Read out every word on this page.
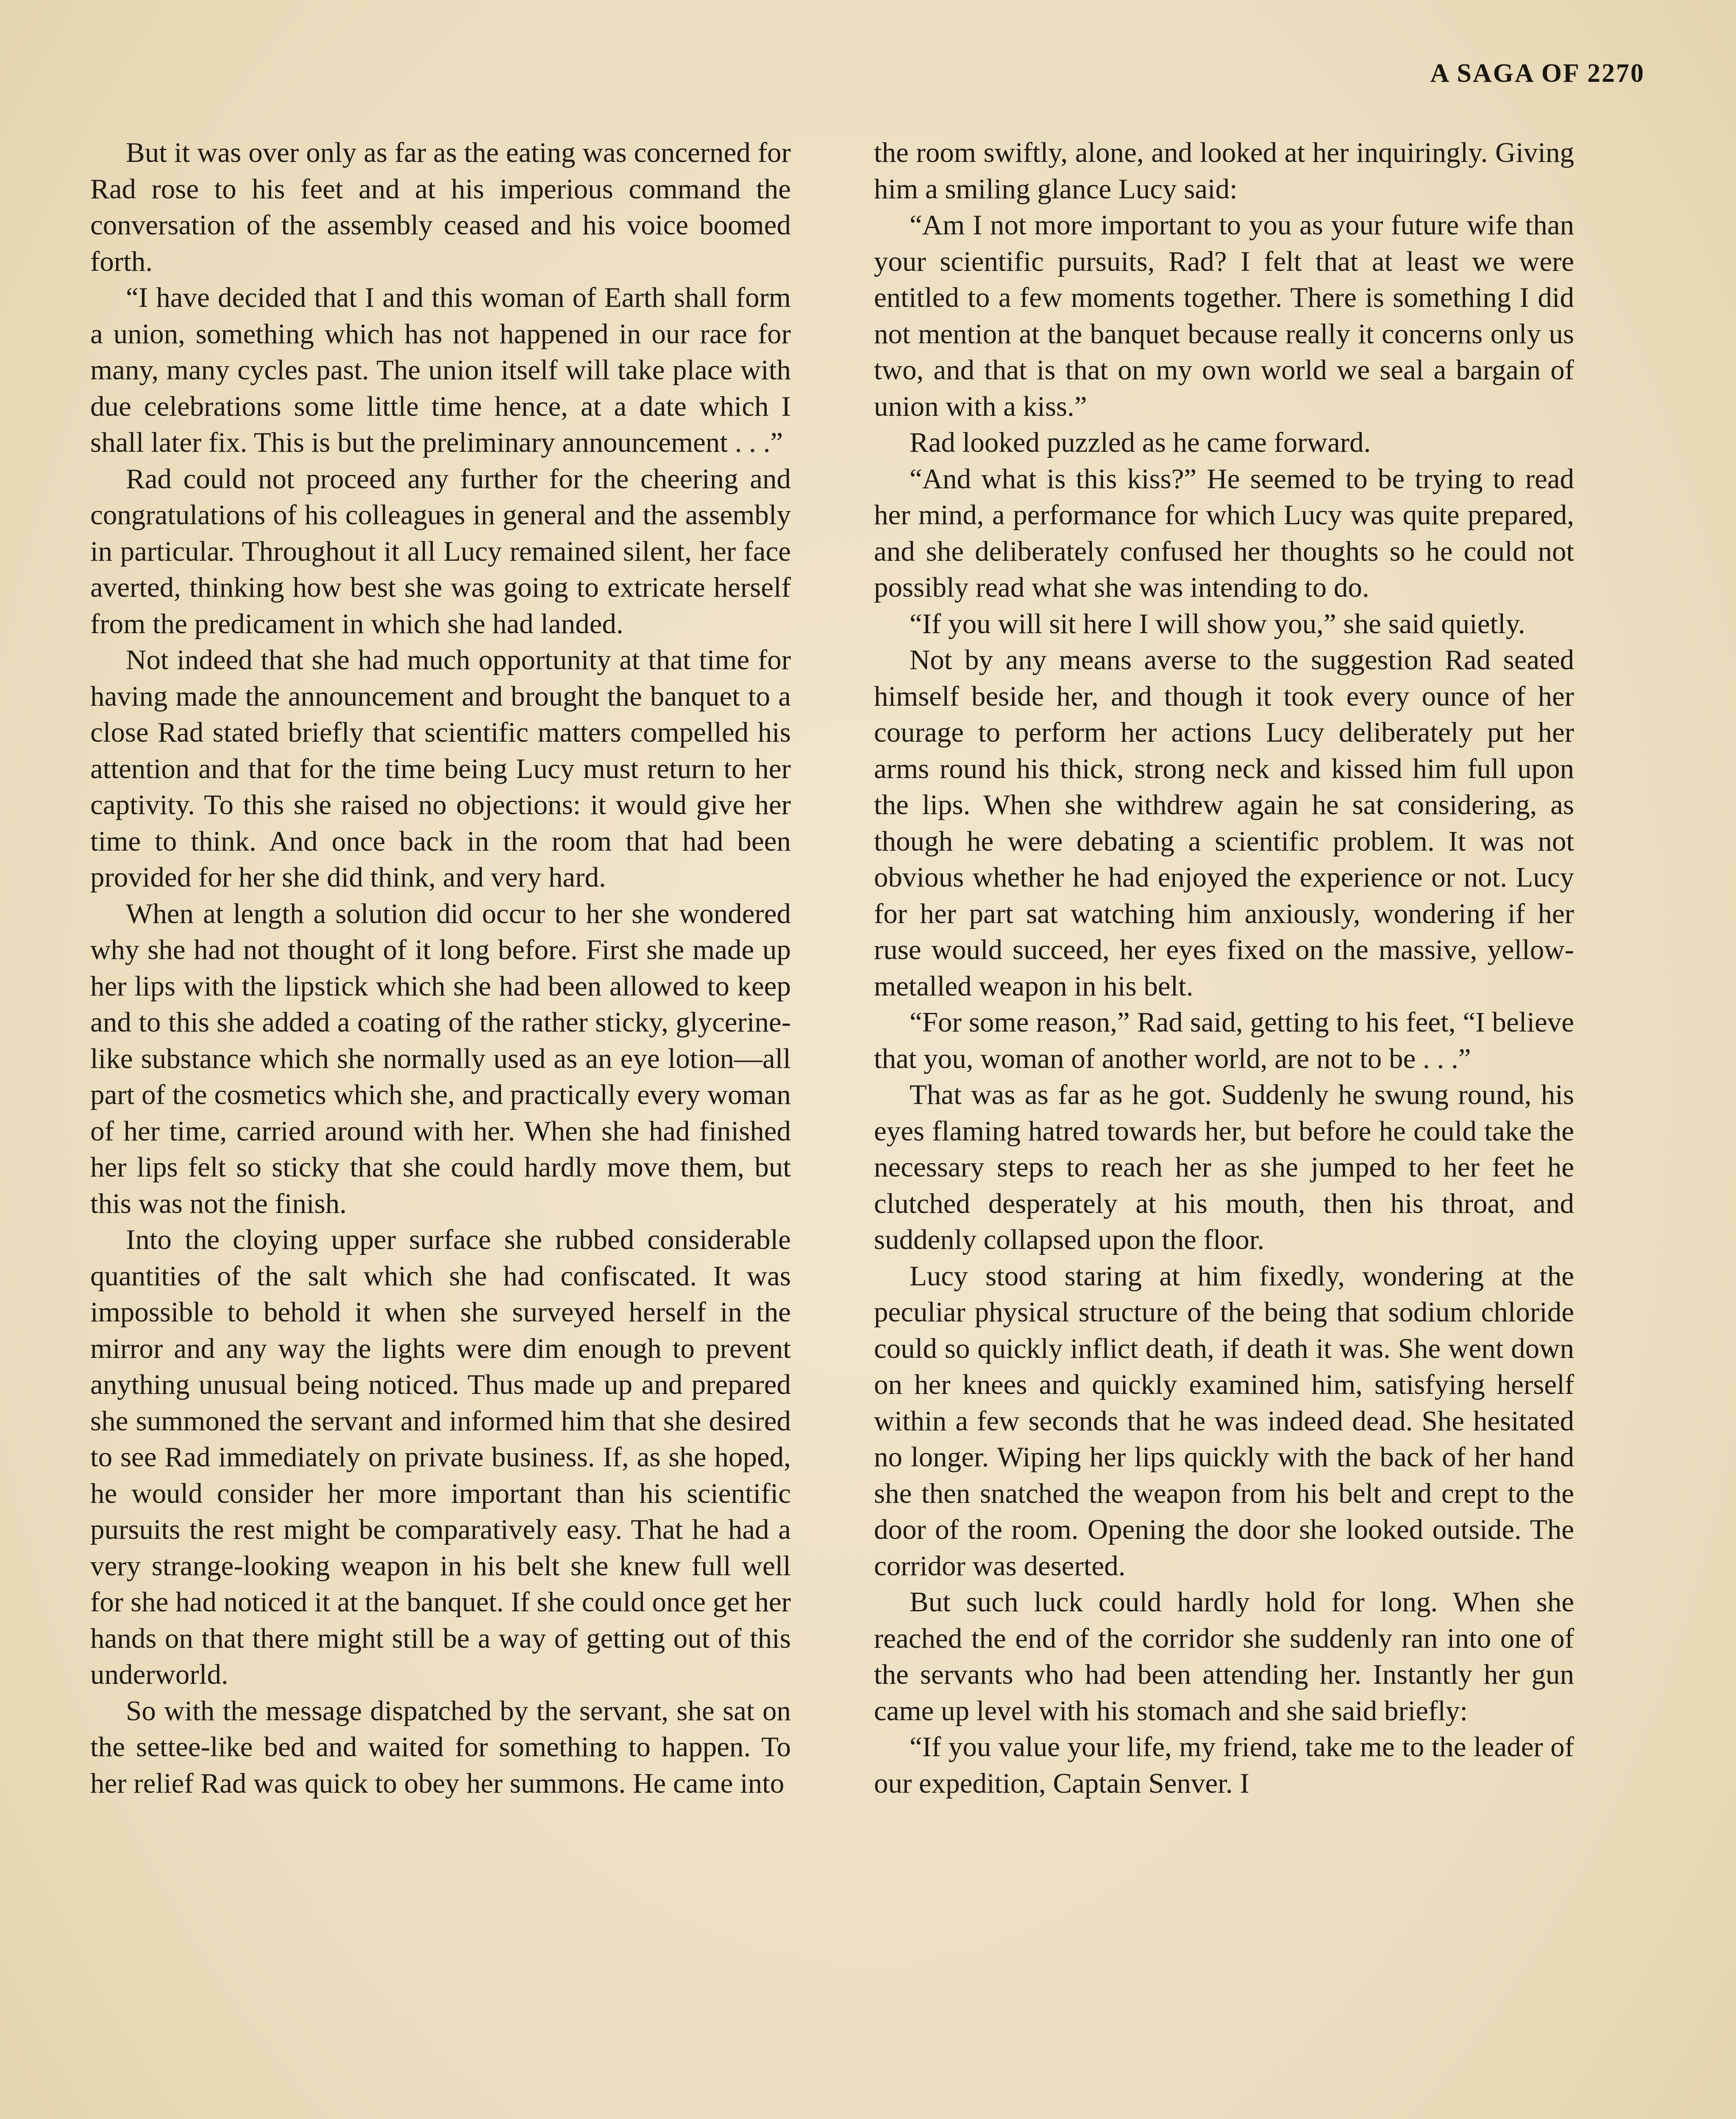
A SAGA OF 2270

But it was over only as far as the eating was concerned for Rad rose to his feet and at his imperious command the conversation of the assembly ceased and his voice boomed forth.

“I have decided that I and this woman of Earth shall form a union, something which has not happened in our race for many, many cycles past. The union itself will take place with due celebrations some little time hence, at a date which I shall later fix. This is but the preliminary announcement . . .”

Rad could not proceed any further for the cheering and congratulations of his colleagues in general and the assembly in particular. Throughout it all Lucy remained silent, her face averted, thinking how best she was going to extricate herself from the predicament in which she had landed.

Not indeed that she had much opportunity at that time for having made the announcement and brought the banquet to a close Rad stated briefly that scientific matters compelled his attention and that for the time being Lucy must return to her captivity. To this she raised no objections: it would give her time to think. And once back in the room that had been provided for her she did think, and very hard.

When at length a solution did occur to her she wondered why she had not thought of it long before. First she made up her lips with the lipstick which she had been allowed to keep and to this she added a coating of the rather sticky, glycerine-like substance which she normally used as an eye lotion—all part of the cosmetics which she, and practically every woman of her time, carried around with her. When she had finished her lips felt so sticky that she could hardly move them, but this was not the finish.

Into the cloying upper surface she rubbed considerable quantities of the salt which she had confiscated. It was impossible to behold it when she surveyed herself in the mirror and any way the lights were dim enough to prevent anything unusual being noticed. Thus made up and prepared she summoned the servant and informed him that she desired to see Rad immediately on private business. If, as she hoped, he would consider her more important than his scientific pursuits the rest might be comparatively easy. That he had a very strange-looking weapon in his belt she knew full well for she had noticed it at the banquet. If she could once get her hands on that there might still be a way of getting out of this underworld.

So with the message dispatched by the servant, she sat on the settee-like bed and waited for something to happen. To her relief Rad was quick to obey her summons. He came into

the room swiftly, alone, and looked at her inquiringly. Giving him a smiling glance Lucy said:

“Am I not more important to you as your future wife than your scientific pursuits, Rad? I felt that at least we were entitled to a few moments together. There is something I did not mention at the banquet because really it concerns only us two, and that is that on my own world we seal a bargain of union with a kiss.”

Rad looked puzzled as he came forward.

“And what is this kiss?” He seemed to be trying to read her mind, a performance for which Lucy was quite prepared, and she deliberately confused her thoughts so he could not possibly read what she was intending to do.

“If you will sit here I will show you,” she said quietly.

Not by any means averse to the suggestion Rad seated himself beside her, and though it took every ounce of her courage to perform her actions Lucy deliberately put her arms round his thick, strong neck and kissed him full upon the lips. When she withdrew again he sat considering, as though he were debating a scientific problem. It was not obvious whether he had enjoyed the experience or not. Lucy for her part sat watching him anxiously, wondering if her ruse would succeed, her eyes fixed on the massive, yellow-metalled weapon in his belt.

“For some reason,” Rad said, getting to his feet, “I believe that you, woman of another world, are not to be . . .”

That was as far as he got. Suddenly he swung round, his eyes flaming hatred towards her, but before he could take the necessary steps to reach her as she jumped to her feet he clutched desperately at his mouth, then his throat, and suddenly collapsed upon the floor.

Lucy stood staring at him fixedly, wondering at the peculiar physical structure of the being that sodium chloride could so quickly inflict death, if death it was. She went down on her knees and quickly examined him, satisfying herself within a few seconds that he was indeed dead. She hesitated no longer. Wiping her lips quickly with the back of her hand she then snatched the weapon from his belt and crept to the door of the room. Opening the door she looked outside. The corridor was deserted.

But such luck could hardly hold for long. When she reached the end of the corridor she suddenly ran into one of the servants who had been attending her. Instantly her gun came up level with his stomach and she said briefly:

“If you value your life, my friend, take me to the leader of our expedition, Captain Senver. I
